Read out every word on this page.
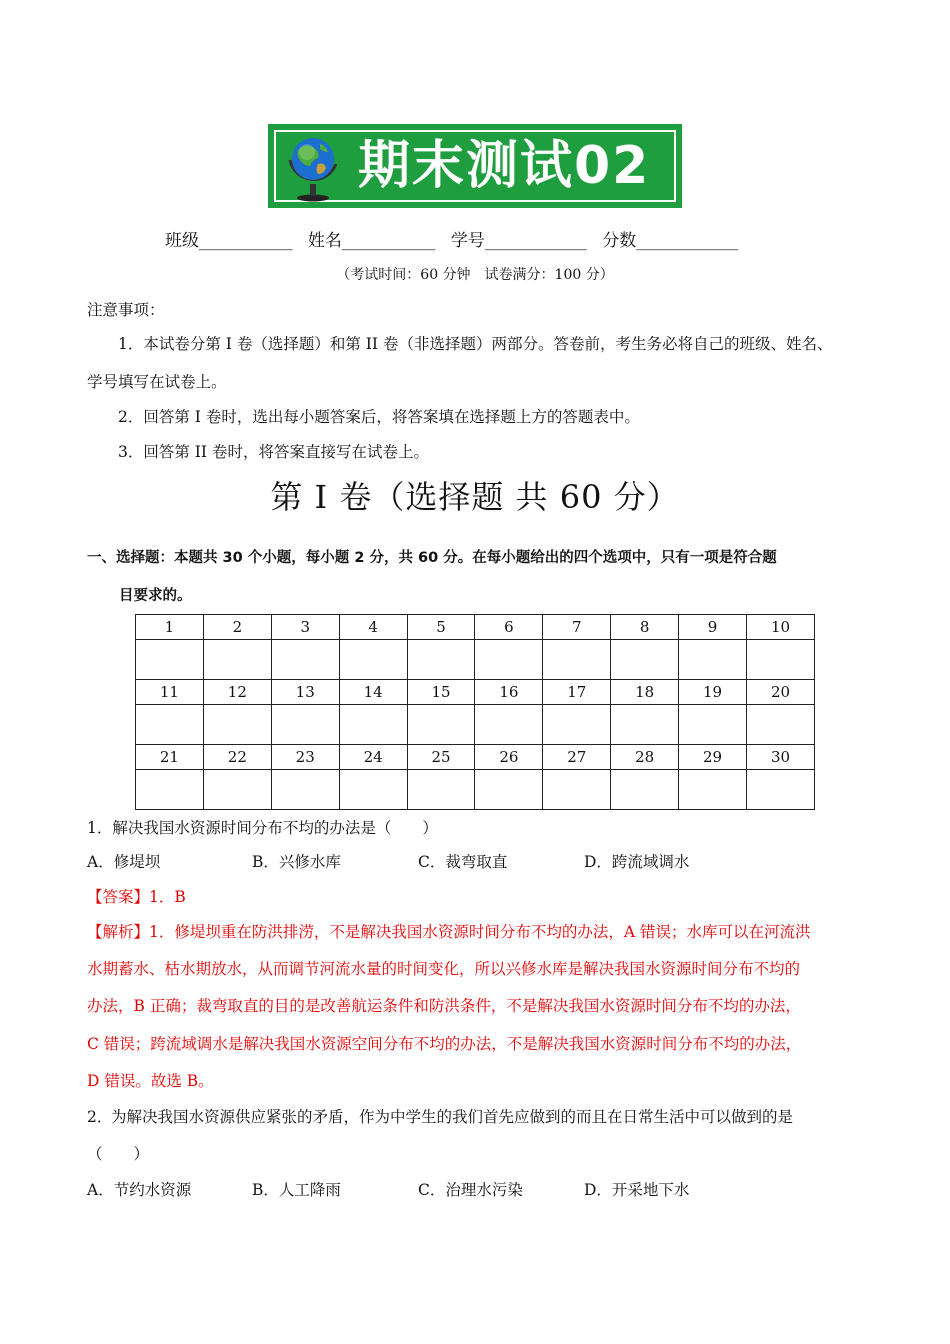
期末测试02
班级___________ 姓名___________ 学号____________ 分数____________
（考试时间：60 分钟　试卷满分：100 分）
注意事项：
1．本试卷分第 I 卷（选择题）和第 II 卷（非选择题）两部分。答卷前，考生务必将自己的班级、姓名、
学号填写在试卷上。
2．回答第 I 卷时，选出每小题答案后，将答案填在选择题上方的答题表中。
3．回答第 II 卷时，将答案直接写在试卷上。
第 I 卷（选择题 共 60 分）
一、选择题：本题共 30 个小题，每小题 2 分，共 60 分。在每小题给出的四个选项中，只有一项是符合题
目要求的。
1	2	3	4	5	6	7	8	9	10

11	12	13	14	15	16	17	18	19	20

21	22	23	24	25	26	27	28	29	30

1．解决我国水资源时间分布不均的办法是（　　）
A．修堤坝	B．兴修水库	C．裁弯取直	D．跨流域调水
【答案】1．B
【解析】1．修堤坝重在防洪排涝，不是解决我国水资源时间分布不均的办法，A 错误；水库可以在河流洪
水期蓄水、枯水期放水，从而调节河流水量的时间变化，所以兴修水库是解决我国水资源时间分布不均的
办法，B 正确；裁弯取直的目的是改善航运条件和防洪条件，不是解决我国水资源时间分布不均的办法，
C 错误；跨流域调水是解决我国水资源空间分布不均的办法，不是解决我国水资源时间分布不均的办法，
D 错误。故选 B。
2．
为解决我国水资源供应紧张的矛盾，作为中学生的我们首先应做到的而且在日常生活中可以做到的是
（　　）
A．节约水资源	B．人工降雨	C．治理水污染	D．开采地下水
